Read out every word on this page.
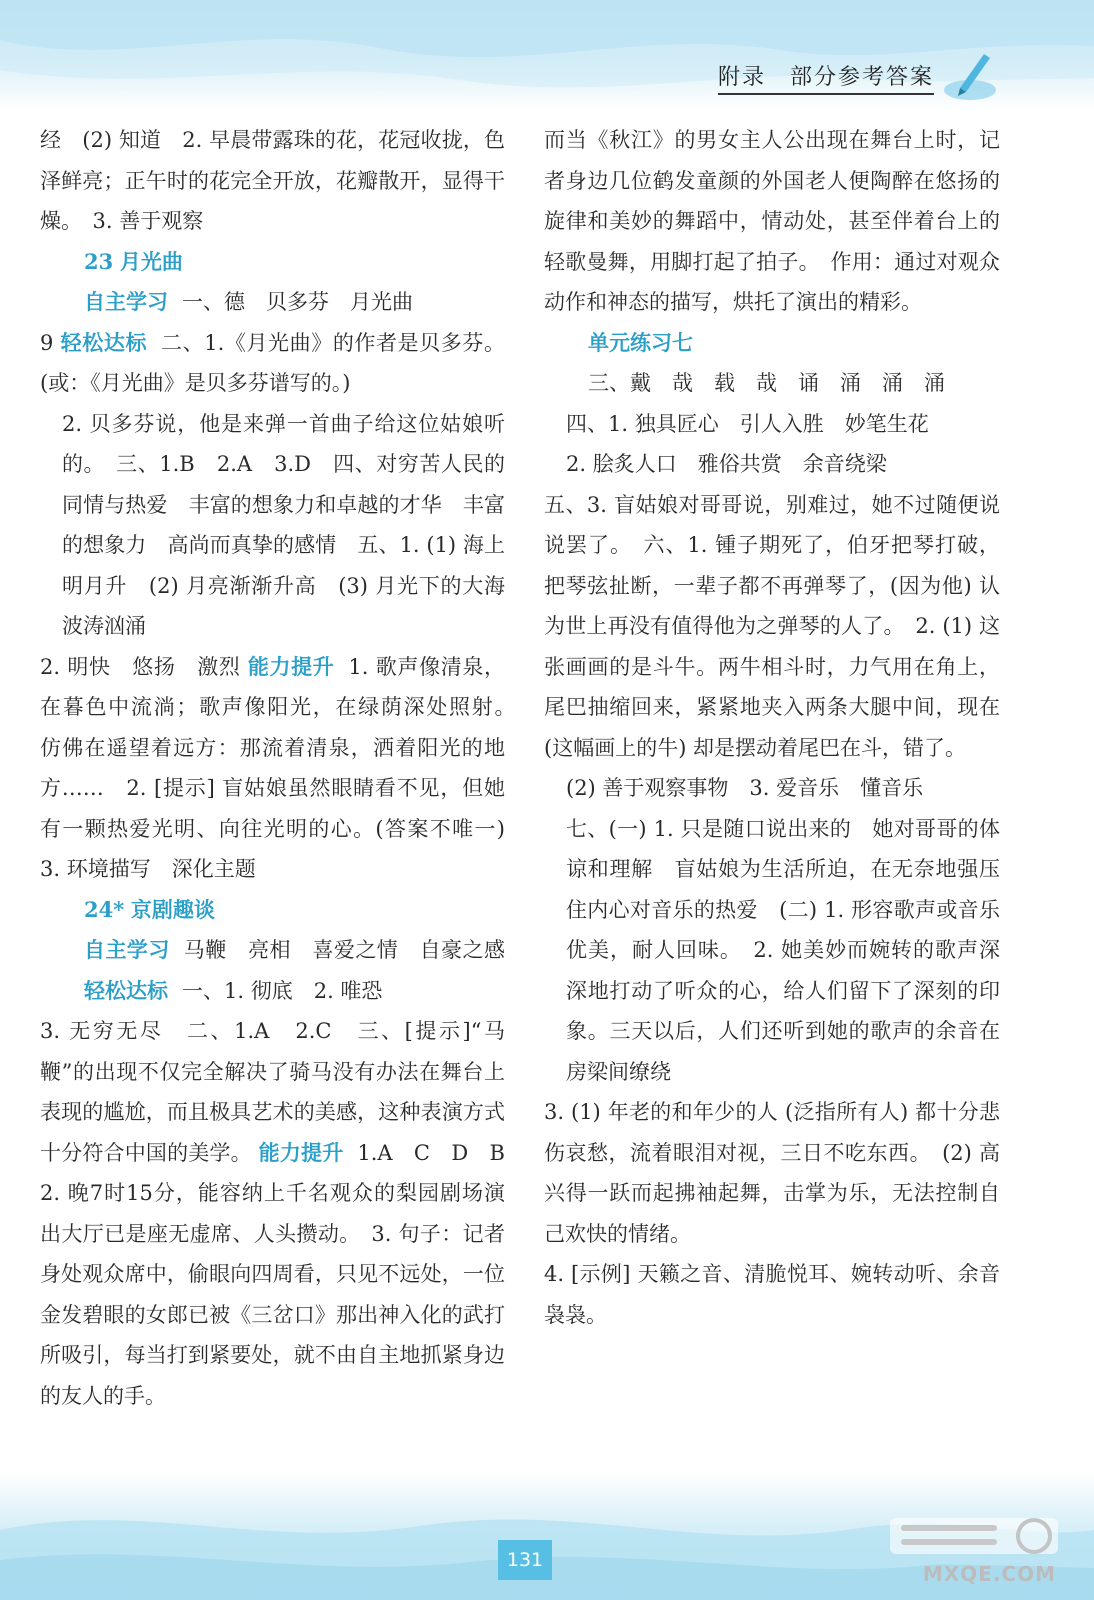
附录　部分参考答案

经　(2) 知道　2. 早晨带露珠的花，花冠收拢，色泽鲜亮；正午时的花完全开放，花瓣散开，显得干燥。　3. 善于观察

23 月光曲

自主学习 一、德　贝多芬　月光曲

9 轻松达标 二、1.《月光曲》的作者是贝多芬。(或：《月光曲》是贝多芬谱写的。)

2. 贝多芬说，他是来弹一首曲子给这位姑娘听的。　三、1.B　2.A　3.D　四、对穷苦人民的同情与热爱　丰富的想象力和卓越的才华　丰富的想象力　高尚而真挚的感情　五、1. (1) 海上明月升　(2) 月亮渐渐升高　(3) 月光下的大海波涛汹涌

2. 明快　悠扬　激烈 能力提升 1. 歌声像清泉，在暮色中流淌；歌声像阳光，在绿荫深处照射。　仿佛在遥望着远方：那流着清泉，洒着阳光的地方……　2. [提示] 盲姑娘虽然眼睛看不见，但她有一颗热爱光明、向往光明的心。(答案不唯一)　3. 环境描写　深化主题

24* 京剧趣谈

自主学习 马鞭　亮相　喜爱之情　自豪之感 轻松达标 一、1. 彻底　2. 唯恐

3. 无穷无尽　二、1.A　2.C　三、[提示]“马鞭”的出现不仅完全解决了骑马没有办法在舞台上表现的尴尬，而且极具艺术的美感，这种表演方式十分符合中国的美学。 能力提升 1.A　C　D　B　2. 晚7时15分，能容纳上千名观众的梨园剧场演出大厅已是座无虚席、人头攒动。　3. 句子：记者身处观众席中，偷眼向四周看，只见不远处，一位金发碧眼的女郎已被《三岔口》那出神入化的武打所吸引，每当打到紧要处，就不由自主地抓紧身边的友人的手。

而当《秋江》的男女主人公出现在舞台上时，记者身边几位鹤发童颜的外国老人便陶醉在悠扬的旋律和美妙的舞蹈中，情动处，甚至伴着台上的轻歌曼舞，用脚打起了拍子。　作用：通过对观众动作和神态的描写，烘托了演出的精彩。

单元练习七

三、戴　哉　载　哉　诵　涌　涌　涌

四、1. 独具匠心　引人入胜　妙笔生花

2. 脍炙人口　雅俗共赏　余音绕梁

五、3. 盲姑娘对哥哥说，别难过，她不过随便说说罢了。　六、1. 锺子期死了，伯牙把琴打破，把琴弦扯断，一辈子都不再弹琴了，(因为他) 认为世上再没有值得他为之弹琴的人了。　2. (1) 这张画画的是斗牛。两牛相斗时，力气用在角上，尾巴抽缩回来，紧紧地夹入两条大腿中间，现在 (这幅画上的牛) 却是摆动着尾巴在斗，错了。

(2) 善于观察事物　3. 爱音乐　懂音乐

七、(一) 1. 只是随口说出来的　她对哥哥的体谅和理解　盲姑娘为生活所迫，在无奈地强压住内心对音乐的热爱　(二) 1. 形容歌声或音乐优美，耐人回味。　2. 她美妙而婉转的歌声深深地打动了听众的心，给人们留下了深刻的印象。三天以后，人们还听到她的歌声的余音在房梁间缭绕

3. (1) 年老的和年少的人 (泛指所有人) 都十分悲伤哀愁，流着眼泪对视，三日不吃东西。　(2) 高兴得一跃而起拂袖起舞，击掌为乐，无法控制自己欢快的情绪。

4. [示例] 天籁之音、清脆悦耳、婉转动听、余音袅袅。

131
MXQE.COM
